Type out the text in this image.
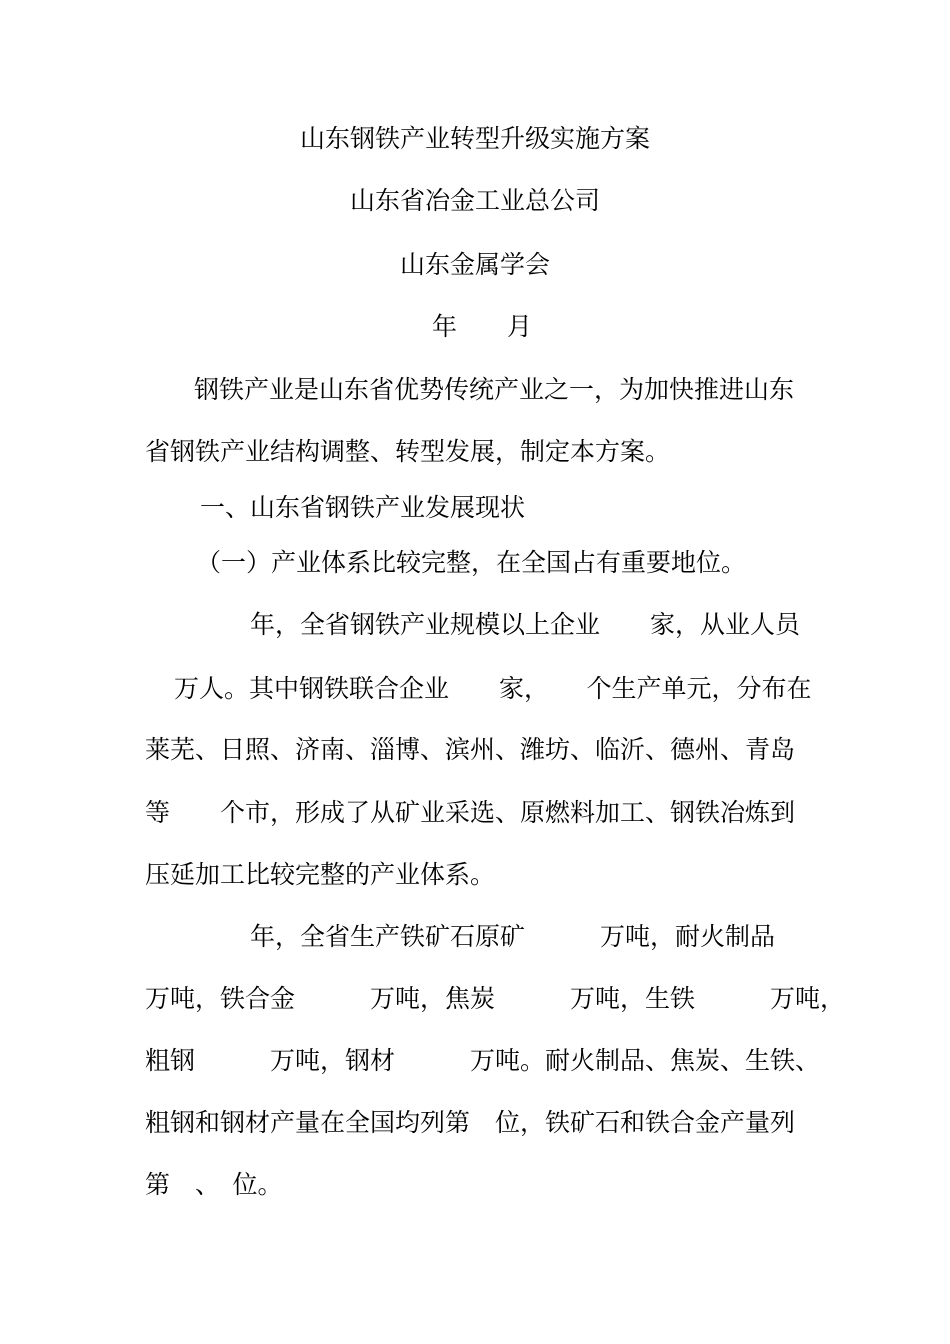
山东钢铁产业转型升级实施方案
山东省冶金工业总公司
山东金属学会
年　　月
钢铁产业是山东省优势传统产业之一，为加快推进山东
省钢铁产业结构调整、转型发展，制定本方案。
一、山东省钢铁产业发展现状
（一）产业体系比较完整，在全国占有重要地位。
年，全省钢铁产业规模以上企业　　家，从业人员
万人。其中钢铁联合企业　　家，　　个生产单元，分布在
莱芜、日照、济南、淄博、滨州、潍坊、临沂、德州、青岛
等　　个市，形成了从矿业采选、原燃料加工、钢铁冶炼到
压延加工比较完整的产业体系。
年，全省生产铁矿石原矿　　　万吨，耐火制品
万吨，铁合金　　　万吨，焦炭　　　万吨，生铁　　　万吨，
粗钢　　　万吨，钢材　　　万吨。耐火制品、焦炭、生铁、
粗钢和钢材产量在全国均列第　位，铁矿石和铁合金产量列
第　、　位。
